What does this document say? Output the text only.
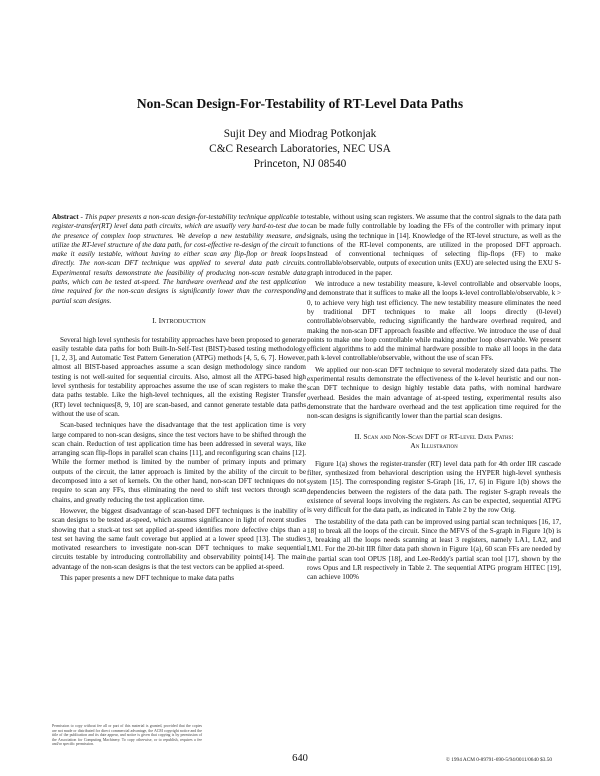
Non-Scan Design-For-Testability of RT-Level Data Paths
Sujit Dey and Miodrag Potkonjak
C&C Research Laboratories, NEC USA
Princeton, NJ 08540

Abstract - This paper presents a non-scan design-for-testability technique applicable to register-transfer(RT) level data path circuits, which are usually very hard-to-test due to the presence of complex loop structures. We develop a new testability measure, and utilize the RT-level structure of the data path, for cost-effective re-design of the circuit to make it easily testable, without having to either scan any flip-flop or break loops directly. The non-scan DFT technique was applied to several data path circuits. Experimental results demonstrate the feasibility of producing non-scan testable data paths, which can be tested at-speed. The hardware overhead and the test application time required for the non-scan designs is significantly lower than the corresponding partial scan designs.

I. INTRODUCTION

Several high level synthesis for testability approaches have been proposed to generate easily testable data paths for both Built-In-Self-Test (BIST)-based testing methodology [1, 2, 3], and Automatic Test Pattern Generation (ATPG) methods [4, 5, 6, 7]. However, almost all BIST-based approaches assume a scan design methodology since random testing is not well-suited for sequential circuits. Also, almost all the ATPG-based high level synthesis for testability approaches assume the use of scan registers to make the data paths testable. Like the high-level techniques, all the existing Register Transfer (RT) level techniques[8, 9, 10] are scan-based, and cannot generate testable data paths without the use of scan.

Scan-based techniques have the disadvantage that the test application time is very large compared to non-scan designs, since the test vectors have to be shifted through the scan chain. Reduction of test application time has been addressed in several ways, like arranging scan flip-flops in parallel scan chains [11], and reconfiguring scan chains [12]. While the former method is limited by the number of primary inputs and primary outputs of the circuit, the latter approach is limited by the ability of the circuit to be decomposed into a set of kernels. On the other hand, non-scan DFT techniques do not require to scan any FFs, thus eliminating the need to shift test vectors through scan chains, and greatly reducing the test application time.

However, the biggest disadvantage of scan-based DFT techniques is the inability of scan designs to be tested at-speed, which assumes significance in light of recent studies showing that a stuck-at test set applied at-speed identifies more defective chips than a test set having the same fault coverage but applied at a lower speed [13]. The studies motivated researchers to investigate non-scan DFT techniques to make sequential circuits testable by introducing controllability and observability points[14]. The main advantage of the non-scan designs is that the test vectors can be applied at-speed.

This paper presents a new DFT technique to make data paths

testable, without using scan registers. We assume that the control signals to the data path can be made fully controllable by loading the FFs of the controller with primary input signals, using the technique in [14]. Knowledge of the RT-level structure, as well as the functions of the RT-level components, are utilized in the proposed DFT approach. Instead of conventional techniques of selecting flip-flops (FF) to make controllable/observable, outputs of execution units (EXU) are selected using the EXU S-graph introduced in the paper.

We introduce a new testability measure, k-level controllable and observable loops, and demonstrate that it suffices to make all the loops k-level controllable/observable, k > 0, to achieve very high test efficiency. The new testability measure eliminates the need by traditional DFT techniques to make all loops directly (0-level) controllable/observable, reducing significantly the hardware overhead required, and making the non-scan DFT approach feasible and effective. We introduce the use of dual points to make one loop controllable while making another loop observable. We present efficient algorithms to add the minimal hardware possible to make all loops in the data path k-level controllable/observable, without the use of scan FFs.

We applied our non-scan DFT technique to several moderately sized data paths. The experimental results demonstrate the effectiveness of the k-level heuristic and our non-scan DFT technique to design highly testable data paths, with nominal hardware overhead. Besides the main advantage of at-speed testing, experimental results also demonstrate that the hardware overhead and the test application time required for the non-scan designs is significantly lower than the partial scan designs.

II. Scan and Non-Scan DFT of RT-level Data Paths:
An Illustration

Figure 1(a) shows the register-transfer (RT) level data path for 4th order IIR cascade filter, synthesized from behavioral description using the HYPER high-level synthesis system [15]. The corresponding register S-Graph [16, 17, 6] in Figure 1(b) shows the dependencies between the registers of the data path. The register S-graph reveals the existence of several loops involving the registers. As can be expected, sequential ATPG is very difficult for the data path, as indicated in Table 2 by the row Orig.

The testability of the data path can be improved using partial scan techniques [16, 17, 18] to break all the loops of the circuit. Since the MFVS of the S-graph in Figure 1(b) is 3, breaking all the loops needs scanning at least 3 registers, namely LA1, LA2, and LM1. For the 20-bit IIR filter data path shown in Figure 1(a), 60 scan FFs are needed by the partial scan tool OPUS [18], and Lee-Reddy's partial scan tool [17], shown by the rows Opus and LR respectively in Table 2. The sequential ATPG program HITEC [19], can achieve 100%

Permission to copy without fee all or part of this material is granted, provided that the copies are not made or distributed for direct commercial advantage, the ACM copyright notice and the title of the publication and its date appear, and notice is given that copying is by permission of the Association for Computing Machinery. To copy otherwise, or to republish, requires a fee and/or specific permission.
640	© 1994 ACM 0-89791-690-5/94/0011/0640 $3.50
